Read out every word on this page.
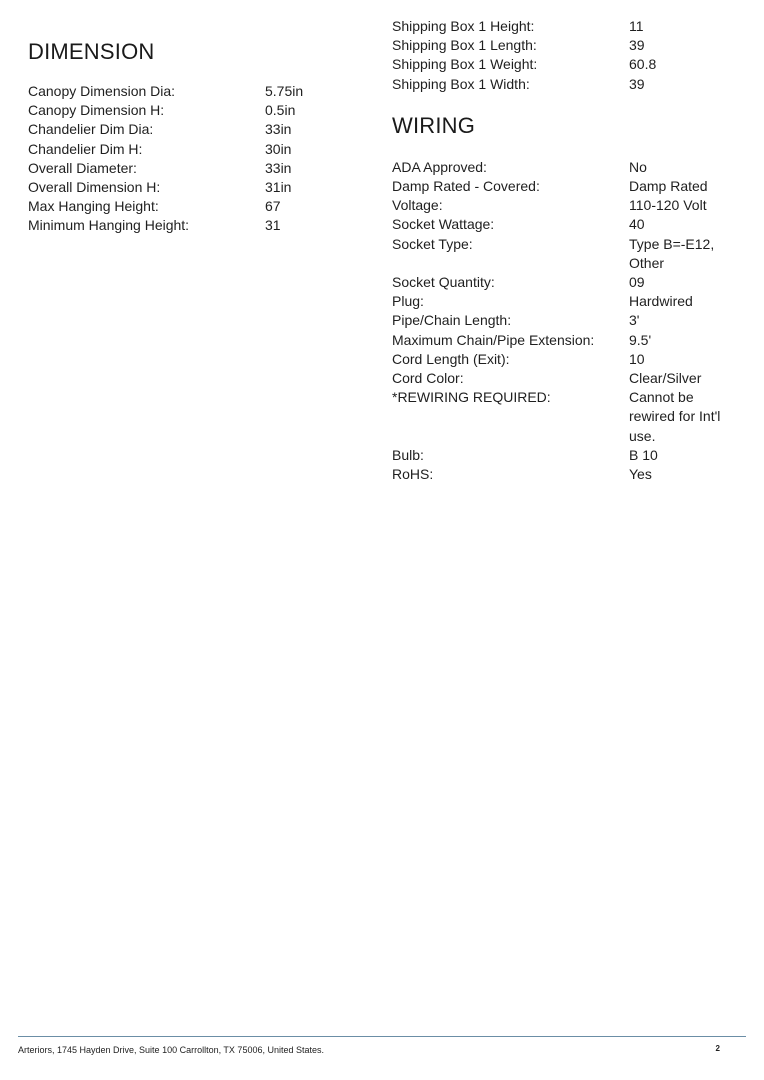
DIMENSION
Canopy Dimension Dia:	5.75in
Canopy Dimension H:	0.5in
Chandelier Dim Dia:	33in
Chandelier Dim H:	30in
Overall Diameter:	33in
Overall Dimension H:	31in
Max Hanging Height:	67
Minimum Hanging Height:	31
Shipping Box 1 Height:	11
Shipping Box 1 Length:	39
Shipping Box 1 Weight:	60.8
Shipping Box 1 Width:	39
WIRING
ADA Approved:	No
Damp Rated - Covered:	Damp Rated
Voltage:	110-120 Volt
Socket Wattage:	40
Socket Type:	Type B=-E12, Other
Socket Quantity:	09
Plug:	Hardwired
Pipe/Chain Length:	3'
Maximum Chain/Pipe Extension:	9.5'
Cord Length (Exit):	10
Cord Color:	Clear/Silver
*REWIRING REQUIRED:	Cannot be rewired for Int'l use.
Bulb:	B 10
RoHS:	Yes
Arteriors, 1745 Hayden Drive, Suite 100 Carrollton, TX 75006, United States.	2
